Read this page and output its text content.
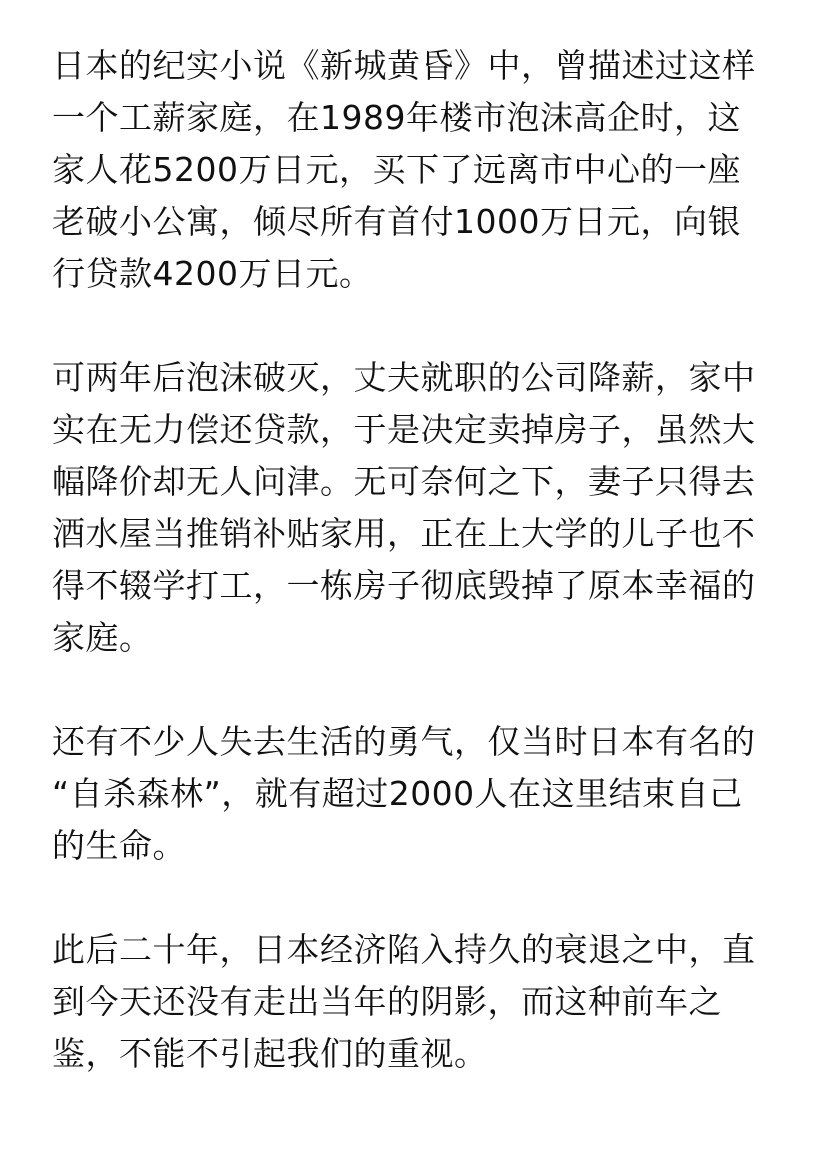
日本的纪实小说《新城黄昏》中，曾描述过这样
一个工薪家庭，在1989年楼市泡沫高企时，这
家人花5200万日元，买下了远离市中心的一座
老破小公寓，倾尽所有首付1000万日元，向银
行贷款4200万日元。

可两年后泡沫破灭，丈夫就职的公司降薪，家中
实在无力偿还贷款，于是决定卖掉房子，虽然大
幅降价却无人问津。无可奈何之下，妻子只得去
酒水屋当推销补贴家用，正在上大学的儿子也不
得不辍学打工，一栋房子彻底毁掉了原本幸福的
家庭。

还有不少人失去生活的勇气，仅当时日本有名的
“自杀森林”，就有超过2000人在这里结束自己
的生命。

此后二十年，日本经济陷入持久的衰退之中，直
到今天还没有走出当年的阴影，而这种前车之
鉴，不能不引起我们的重视。
